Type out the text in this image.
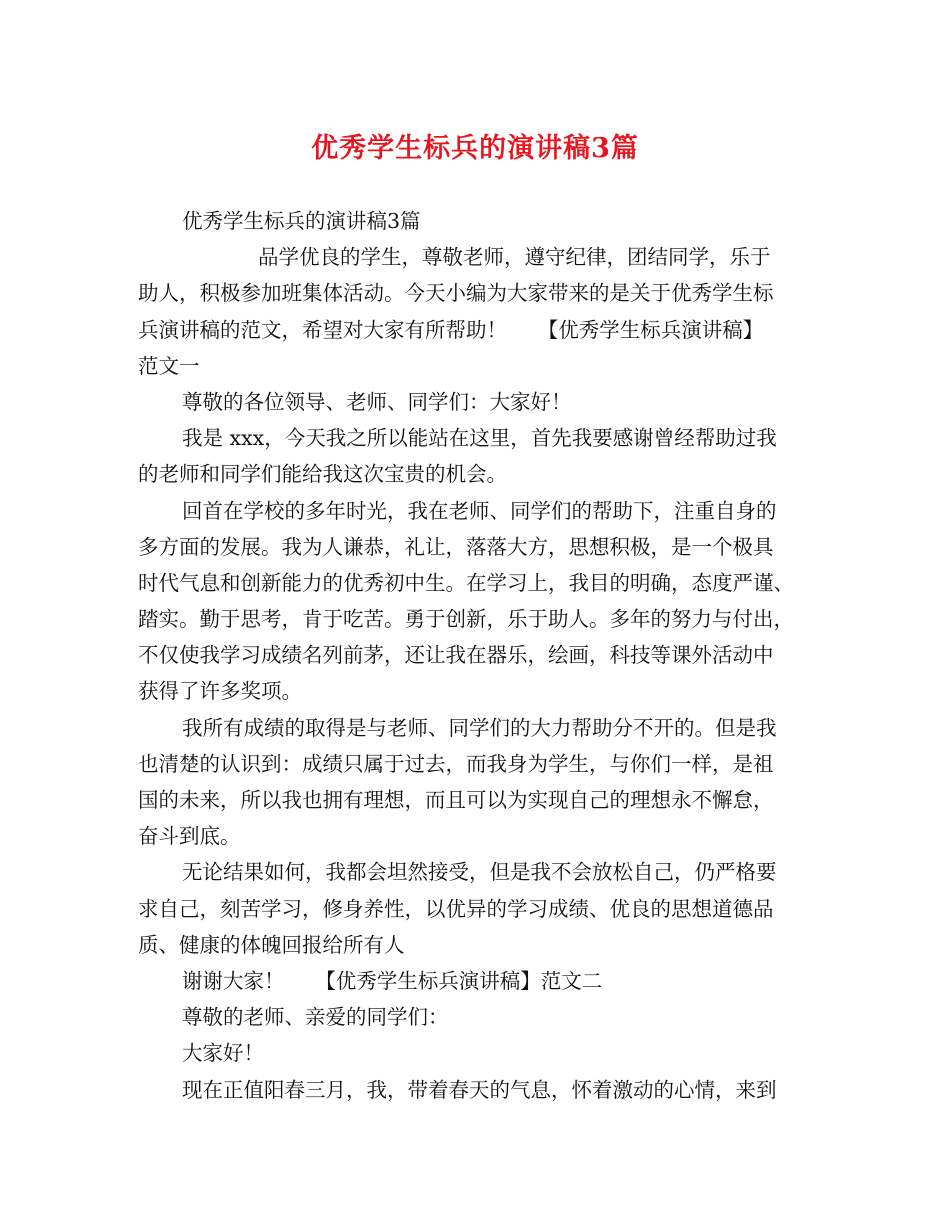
优秀学生标兵的演讲稿3篇
优秀学生标兵的演讲稿3篇
品学优良的学生，尊敬老师，遵守纪律，团结同学，乐于
助人，积极参加班集体活动。今天小编为大家带来的是关于优秀学生标
兵演讲稿的范文，希望对大家有所帮助！　　【优秀学生标兵演讲稿】
范文一
尊敬的各位领导、老师、同学们：大家好！
我是 xxx，今天我之所以能站在这里，首先我要感谢曾经帮助过我
的老师和同学们能给我这次宝贵的机会。
回首在学校的多年时光，我在老师、同学们的帮助下，注重自身的
多方面的发展。我为人谦恭，礼让，落落大方，思想积极，是一个极具
时代气息和创新能力的优秀初中生。在学习上，我目的明确，态度严谨、
踏实。勤于思考，肯于吃苦。勇于创新，乐于助人。多年的努力与付出，
不仅使我学习成绩名列前茅，还让我在器乐，绘画，科技等课外活动中
获得了许多奖项。
我所有成绩的取得是与老师、同学们的大力帮助分不开的。但是我
也清楚的认识到：成绩只属于过去，而我身为学生，与你们一样，是祖
国的未来，所以我也拥有理想，而且可以为实现自己的理想永不懈怠，
奋斗到底。
无论结果如何，我都会坦然接受，但是我不会放松自己，仍严格要
求自己，刻苦学习，修身养性，以优异的学习成绩、优良的思想道德品
质、健康的体魄回报给所有人
谢谢大家！　　【优秀学生标兵演讲稿】范文二
尊敬的老师、亲爱的同学们：
大家好！
现在正值阳春三月，我，带着春天的气息，怀着激动的心情，来到
